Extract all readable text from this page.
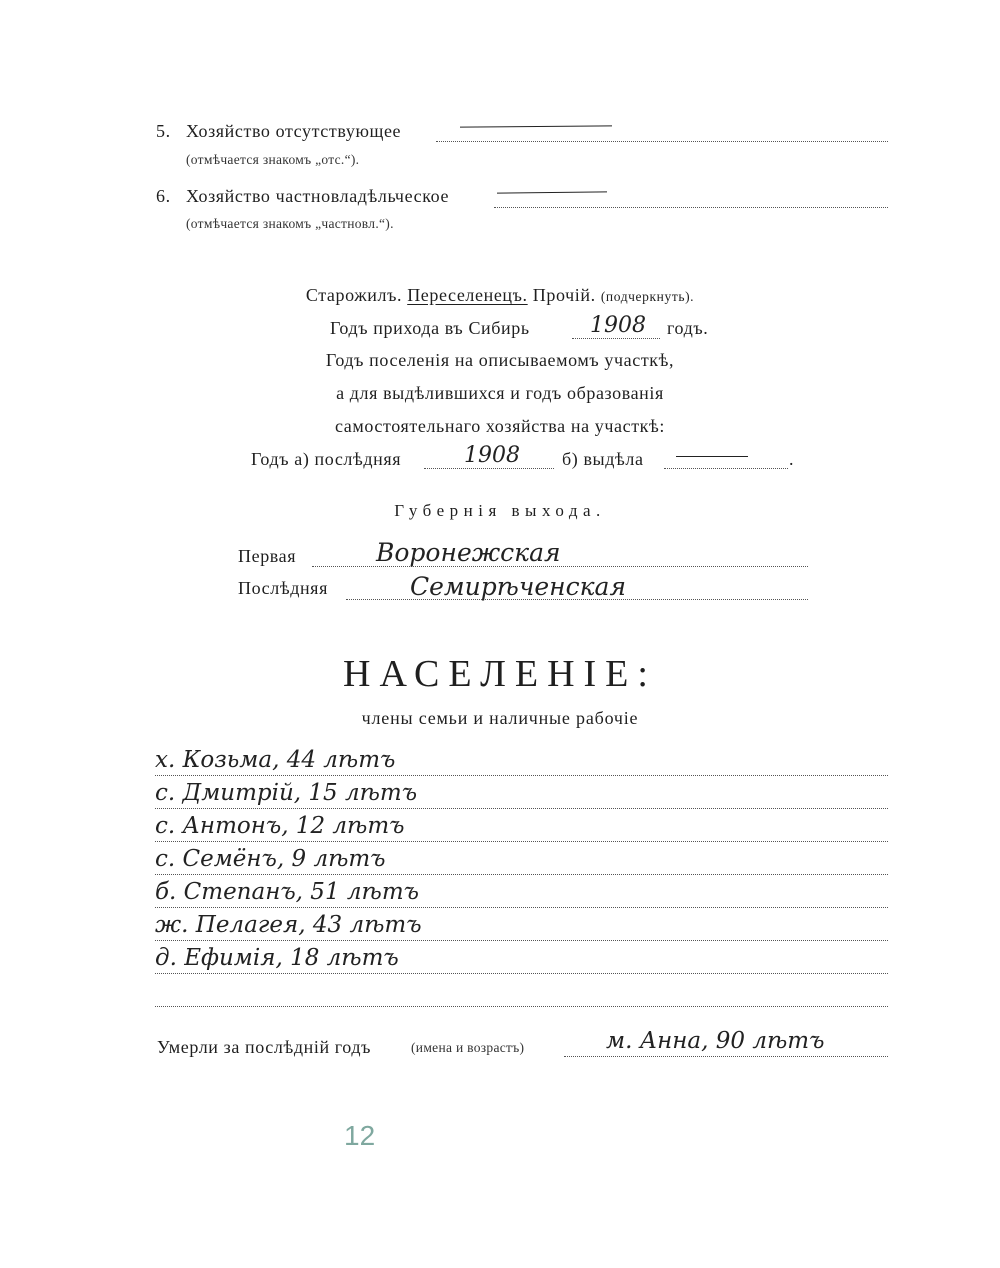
5. Хозяйство отсутствующее
(отмѣчается знакомъ „отс.“).
6. Хозяйство частновладѣльческое
(отмѣчается знакомъ „частновл.“).
Старожилъ. Переселенецъ. Прочій. (подчеркнуть).
Годъ прихода въ Сибирь	1908 годъ.
Годъ поселенія на описываемомъ участкѣ,
а для выдѣлившихся и годъ образованія
самостоятельнаго хозяйства на участкѣ:
Годъ а) послѣдняя	1908 б) выдѣла	.
Губернія выхода.
Первая	Воронежская
Послѣдняя	Семирѣченская
НАСЕЛЕНІЕ:
члены семьи и наличные рабочіе
х. Козьма, 44 лѣтъ
с. Дмитрій, 15 лѣтъ
с. Антонъ, 12 лѣтъ
с. Семёнъ, 9 лѣтъ
б. Степанъ, 51 лѣтъ
ж. Пелагея, 43 лѣтъ
д. Ефимія, 18 лѣтъ
Умерли за послѣдній годъ	(имена и возрастъ)	м. Анна, 90 лѣтъ
12
